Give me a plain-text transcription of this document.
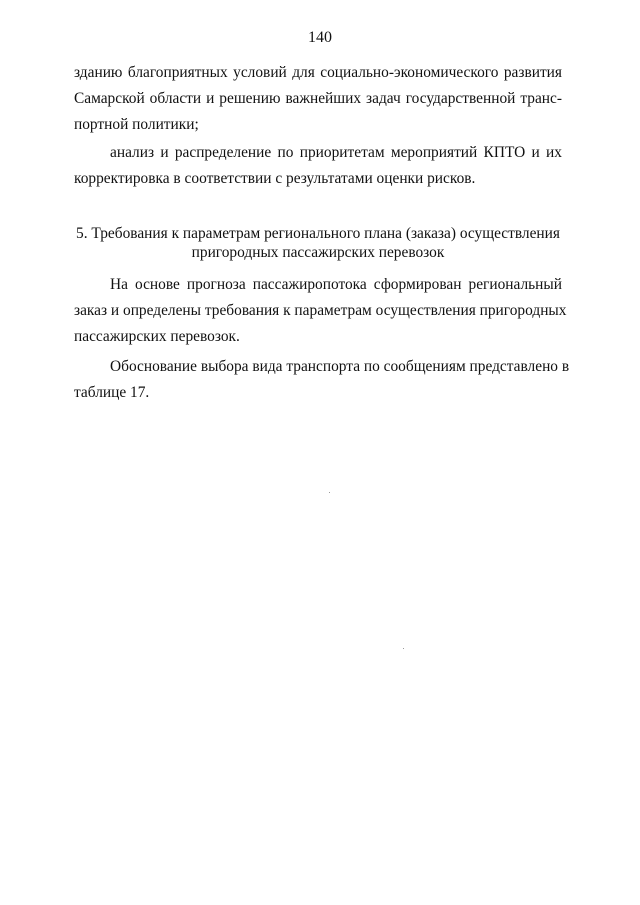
140
зданию благоприятных условий для социально-экономического развития
Самарской области и решению важнейших задач государственной транс-
портной политики;
анализ и распределение по приоритетам мероприятий КПТО и их
корректировка в соответствии с результатами оценки рисков.
5. Требования к параметрам регионального плана (заказа) осуществления
пригородных пассажирских перевозок
На основе прогноза пассажиропотока сформирован региональный
заказ и определены требования к параметрам осуществления пригородных
пассажирских перевозок.
Обоснование выбора вида транспорта по сообщениям представлено в
таблице 17.
